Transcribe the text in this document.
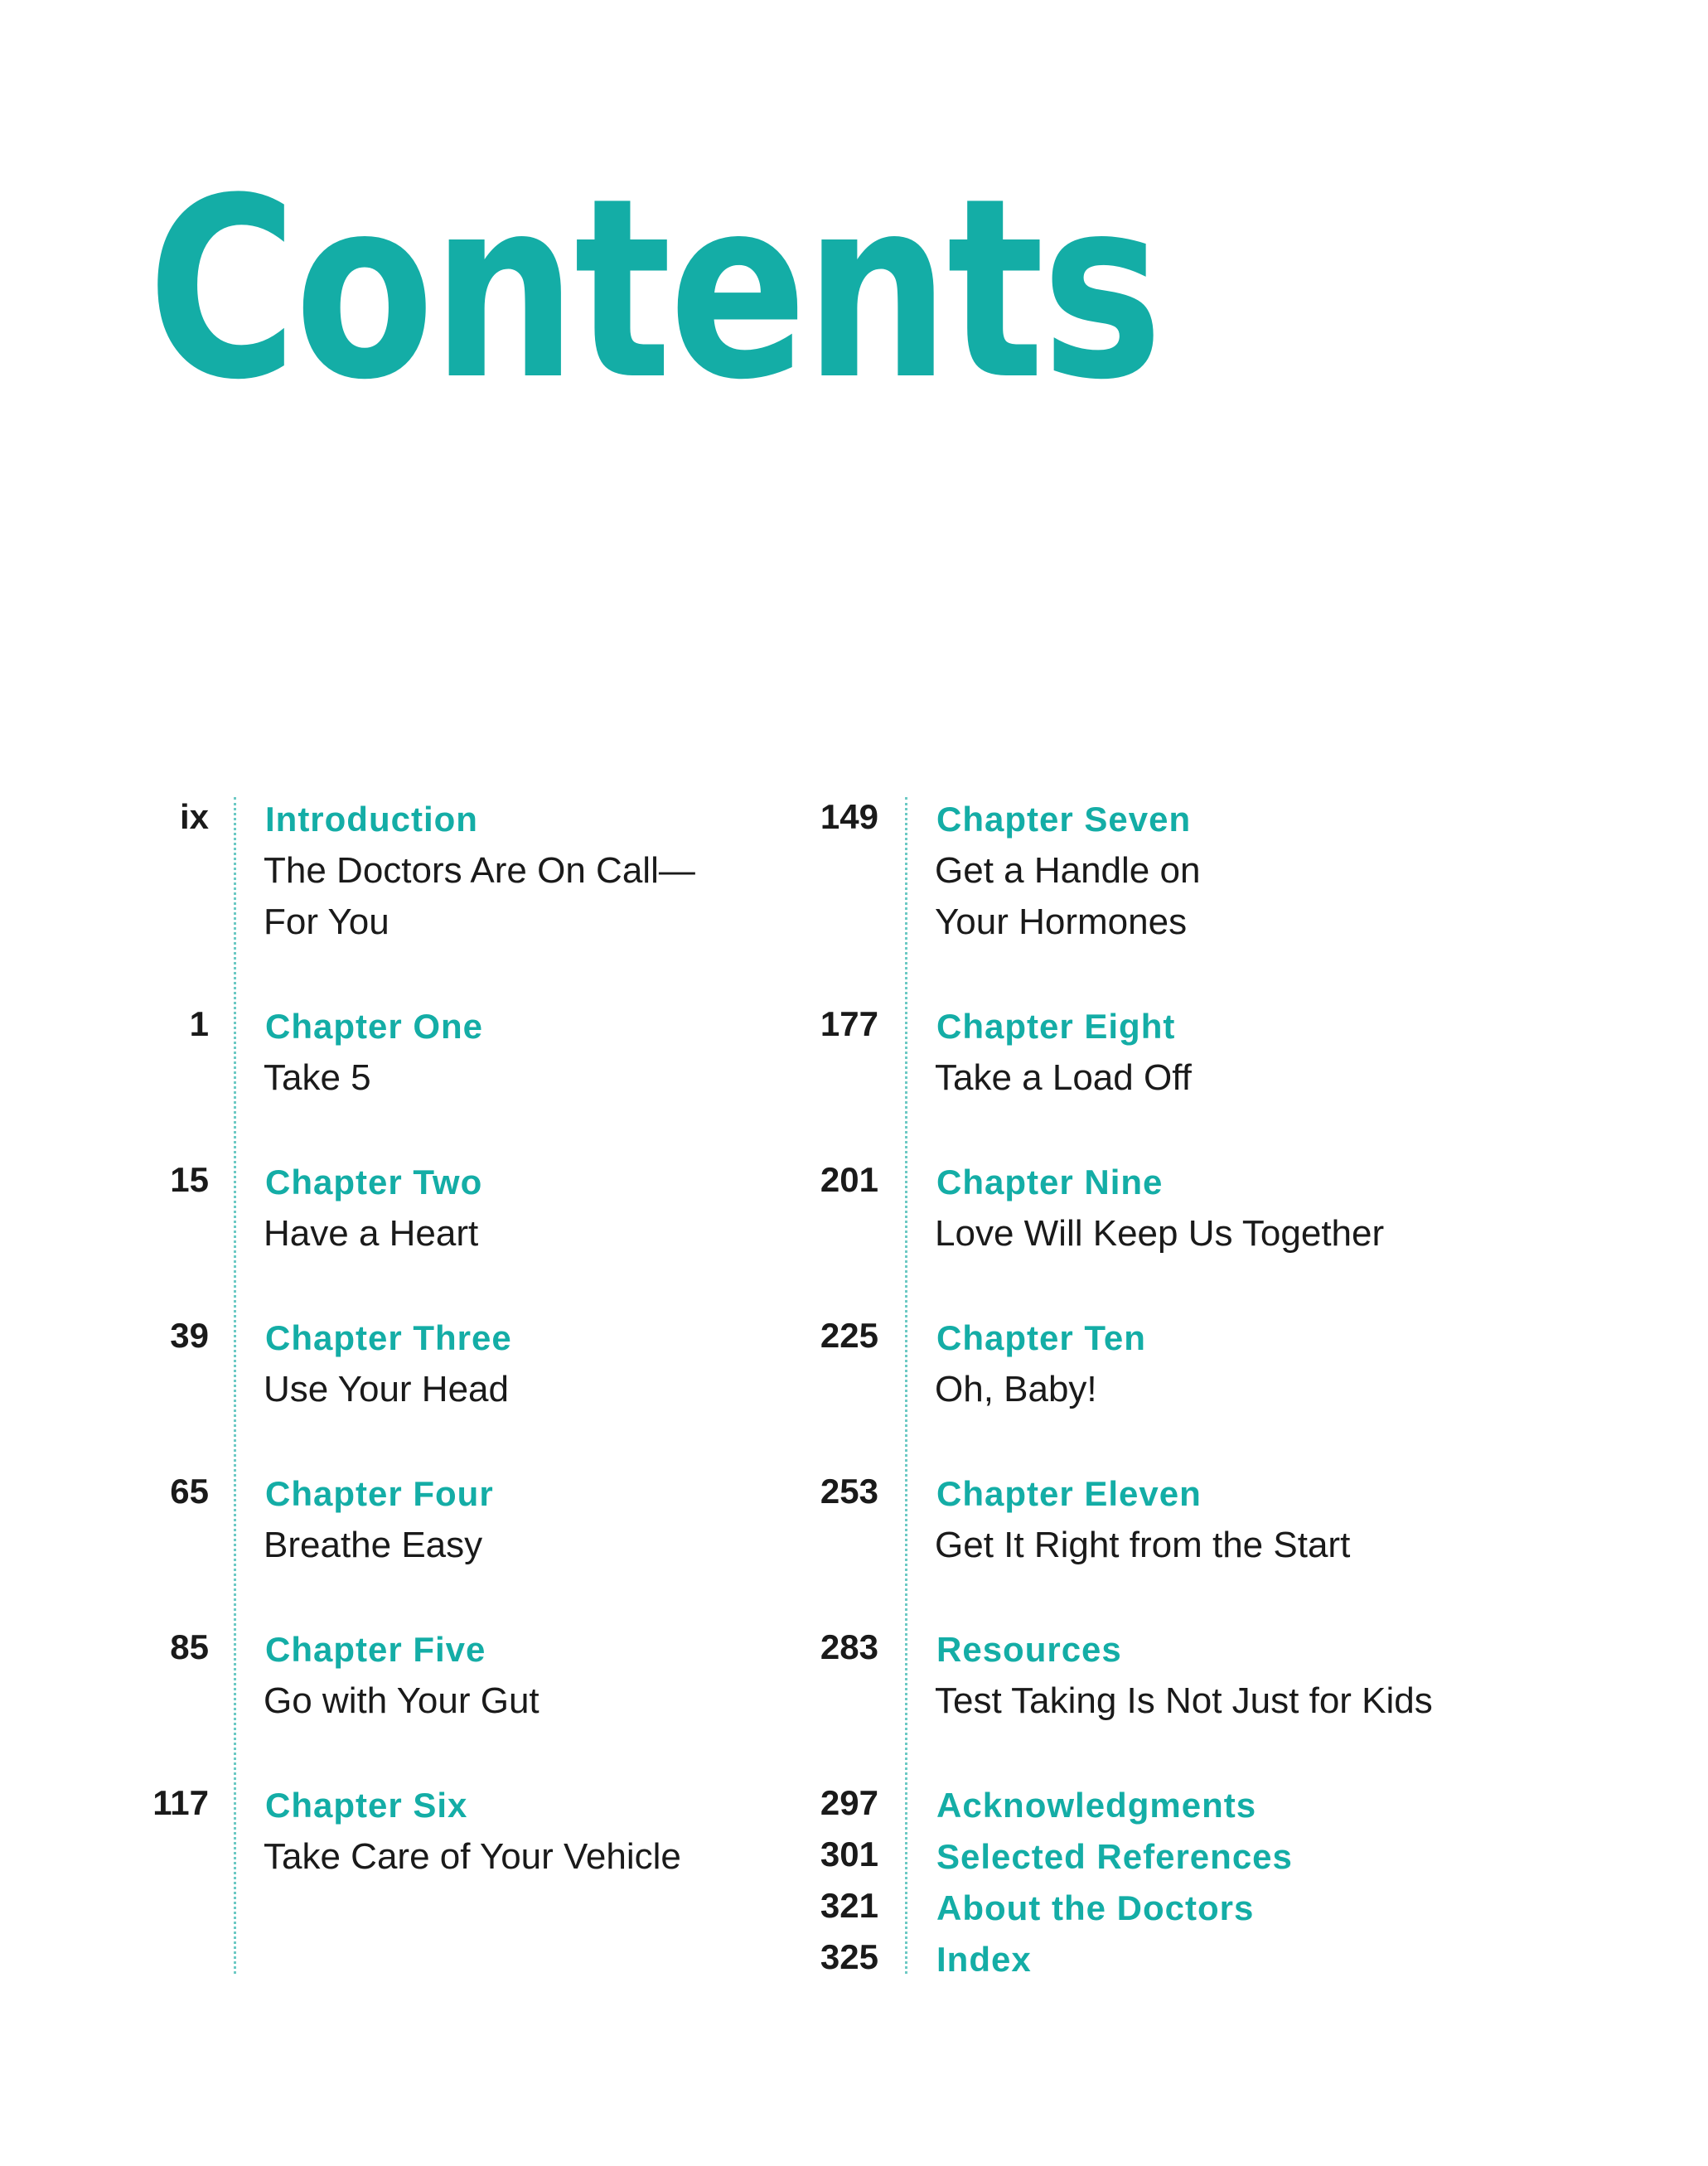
Contents
ix Introduction
The Doctors Are On Call—
For You
1 Chapter One
Take 5
15 Chapter Two
Have a Heart
39 Chapter Three
Use Your Head
65 Chapter Four
Breathe Easy
85 Chapter Five
Go with Your Gut
117 Chapter Six
Take Care of Your Vehicle
149 Chapter Seven
Get a Handle on
Your Hormones
177 Chapter Eight
Take a Load Off
201 Chapter Nine
Love Will Keep Us Together
225 Chapter Ten
Oh, Baby!
253 Chapter Eleven
Get It Right from the Start
283 Resources
Test Taking Is Not Just for Kids
297 Acknowledgments
301 Selected References
321 About the Doctors
325 Index
